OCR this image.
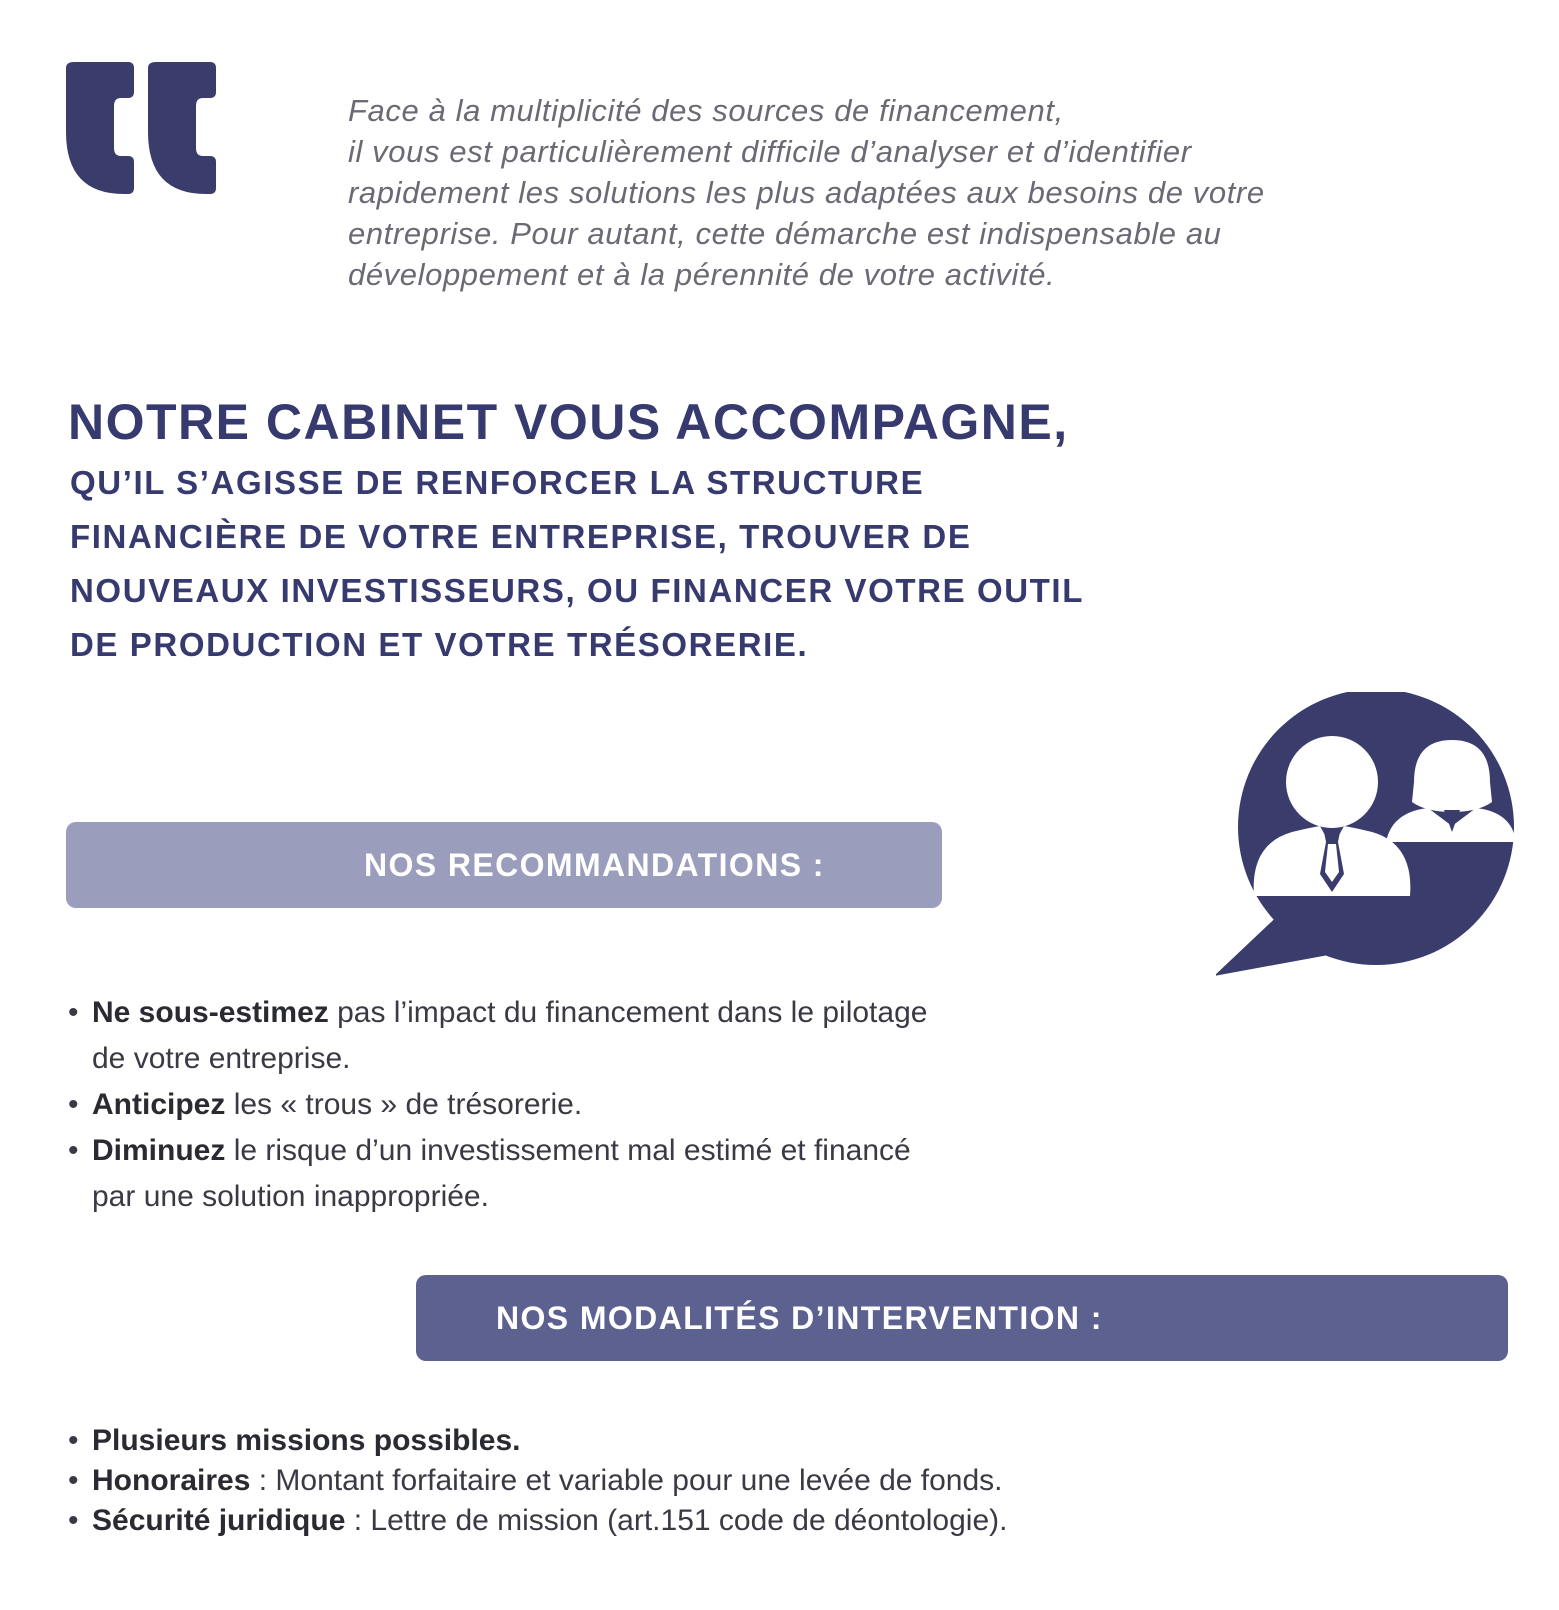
Face à la multiplicité des sources de financement,
il vous est particulièrement difficile d’analyser et d’identifier
rapidement les solutions les plus adaptées aux besoins de votre
entreprise. Pour autant, cette démarche est indispensable au
développement et à la pérennité de votre activité.
NOTRE CABINET VOUS ACCOMPAGNE,
QU’IL S’AGISSE DE RENFORCER LA STRUCTURE
FINANCIÈRE DE VOTRE ENTREPRISE, TROUVER DE
NOUVEAUX INVESTISSEURS, OU FINANCER VOTRE OUTIL
DE PRODUCTION ET VOTRE TRÉSORERIE.
NOS RECOMMANDATIONS :
• Ne sous-estimez pas l’impact du financement dans le pilotage
de votre entreprise.
• Anticipez les « trous » de trésorerie.
• Diminuez le risque d’un investissement mal estimé et financé
par une solution inappropriée.
NOS MODALITÉS D’INTERVENTION :
• Plusieurs missions possibles.
• Honoraires : Montant forfaitaire et variable pour une levée de fonds.
• Sécurité juridique : Lettre de mission (art.151 code de déontologie).
